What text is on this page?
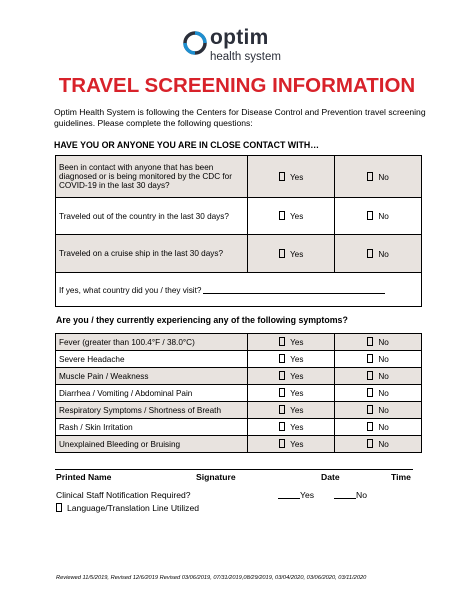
optim
health system
TRAVEL SCREENING INFORMATION
Optim Health System is following the Centers for Disease Control and Prevention travel screening guidelines. Please complete the following questions:
HAVE YOU OR ANYONE YOU ARE IN CLOSE CONTACT WITH…
Been in contact with anyone that has been diagnosed or is being monitored by the CDC for COVID-19 in the last 30 days?	Yes	No
Traveled out of the country in the last 30 days?	Yes	No
Traveled on a cruise ship in the last 30 days?	Yes	No
If yes, what country did you / they visit?		
Are you / they currently experiencing any of the following symptoms?
Fever (greater than 100.4°F / 38.0°C)	Yes	No
Severe Headache	Yes	No
Muscle Pain / Weakness	Yes	No
Diarrhea / Vomiting / Abdominal Pain	Yes	No
Respiratory Symptoms / Shortness of Breath	Yes	No
Rash / Skin Irritation	Yes	No
Unexplained Bleeding or Bruising	Yes	No
Printed Name	Signature	Date	Time
Clinical Staff Notification Required?	Yes	No
Language/Translation Line Utilized
Reviewed 11/5/2019, Revised 12/6/2019 Revised 03/06/2019, 07/31/2019,08/29/2019, 03/04/2020, 03/06/2020, 03/11/2020
